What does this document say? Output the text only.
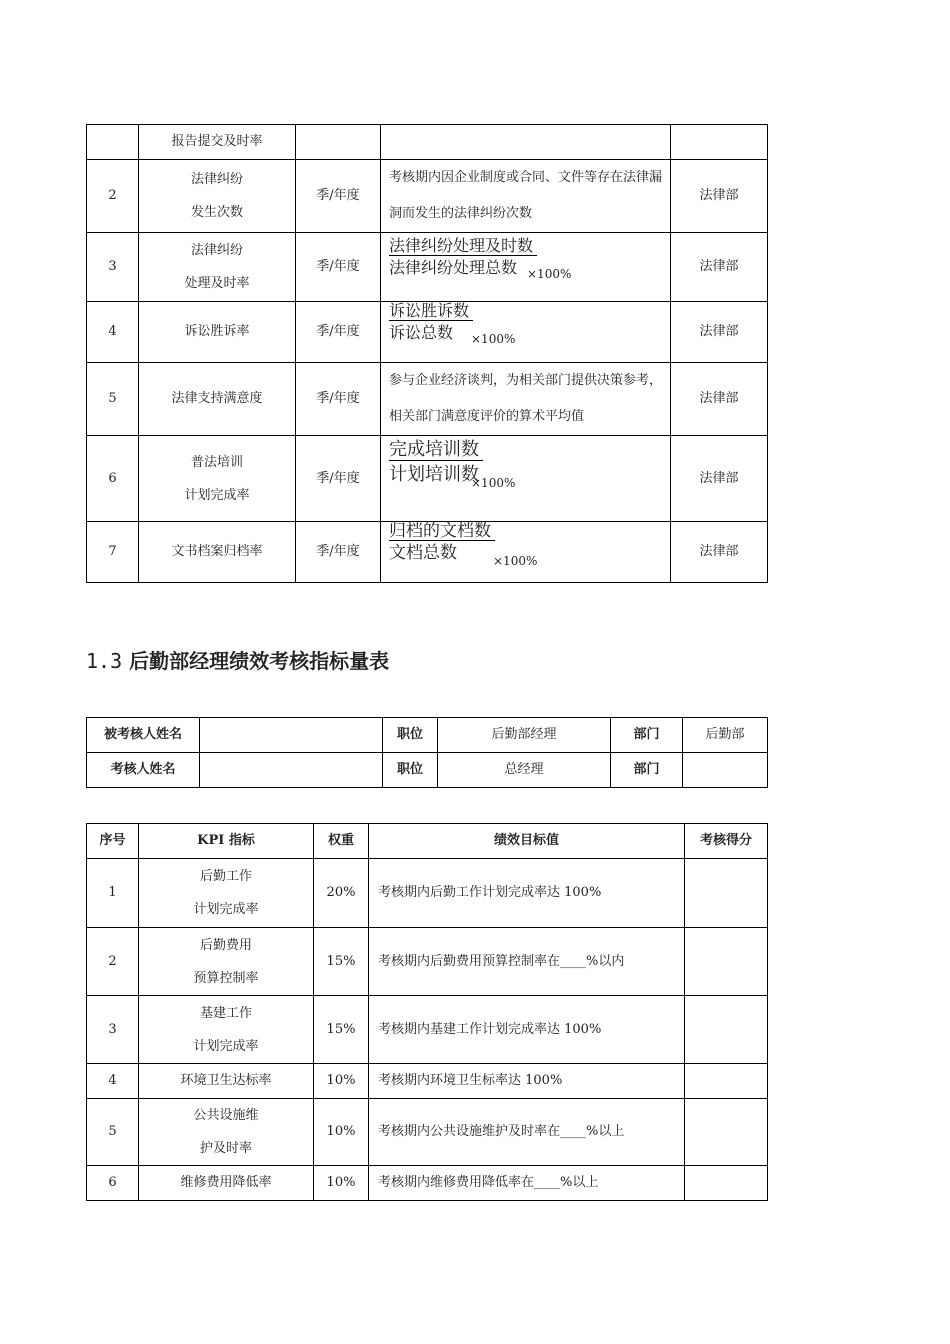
	报告提交及时率			
2	法律纠纷
发生次数	季/年度	考核期内因企业制度或合同、文件等存在法律漏洞而发生的法律纠纷次数	法律部
3	法律纠纷
处理及时率	季/年度	法律纠纷处理及时数
法律纠纷处理总数 ×100%	法律部
4	诉讼胜诉率	季/年度	诉讼胜诉数
诉讼总数 ×100%	法律部
5	法律支持满意度	季/年度	参与企业经济谈判，为相关部门提供决策参考，相关部门满意度评价的算术平均值	法律部
6	普法培训
计划完成率	季/年度	完成培训数
计划培训数
×100%	法律部
7	文书档案归档率	季/年度	归档的文档数
文档总数 ×100%	法律部
1.3 后勤部经理绩效考核指标量表
被考核人姓名		职位	后勤部经理	部门	后勤部
考核人姓名		职位	总经理	部门	
序号	KPI 指标	权重	绩效目标值	考核得分
1	后勤工作
计划完成率	20%	考核期内后勤工作计划完成率达 100%	
2	后勤费用
预算控制率	15%	考核期内后勤费用预算控制率在____%以内	
3	基建工作
计划完成率	15%	考核期内基建工作计划完成率达 100%	
4	环境卫生达标率	10%	考核期内环境卫生标率达 100%	
5	公共设施维
护及时率	10%	考核期内公共设施维护及时率在____%以上	
6	维修费用降低率	10%	考核期内维修费用降低率在____%以上	
